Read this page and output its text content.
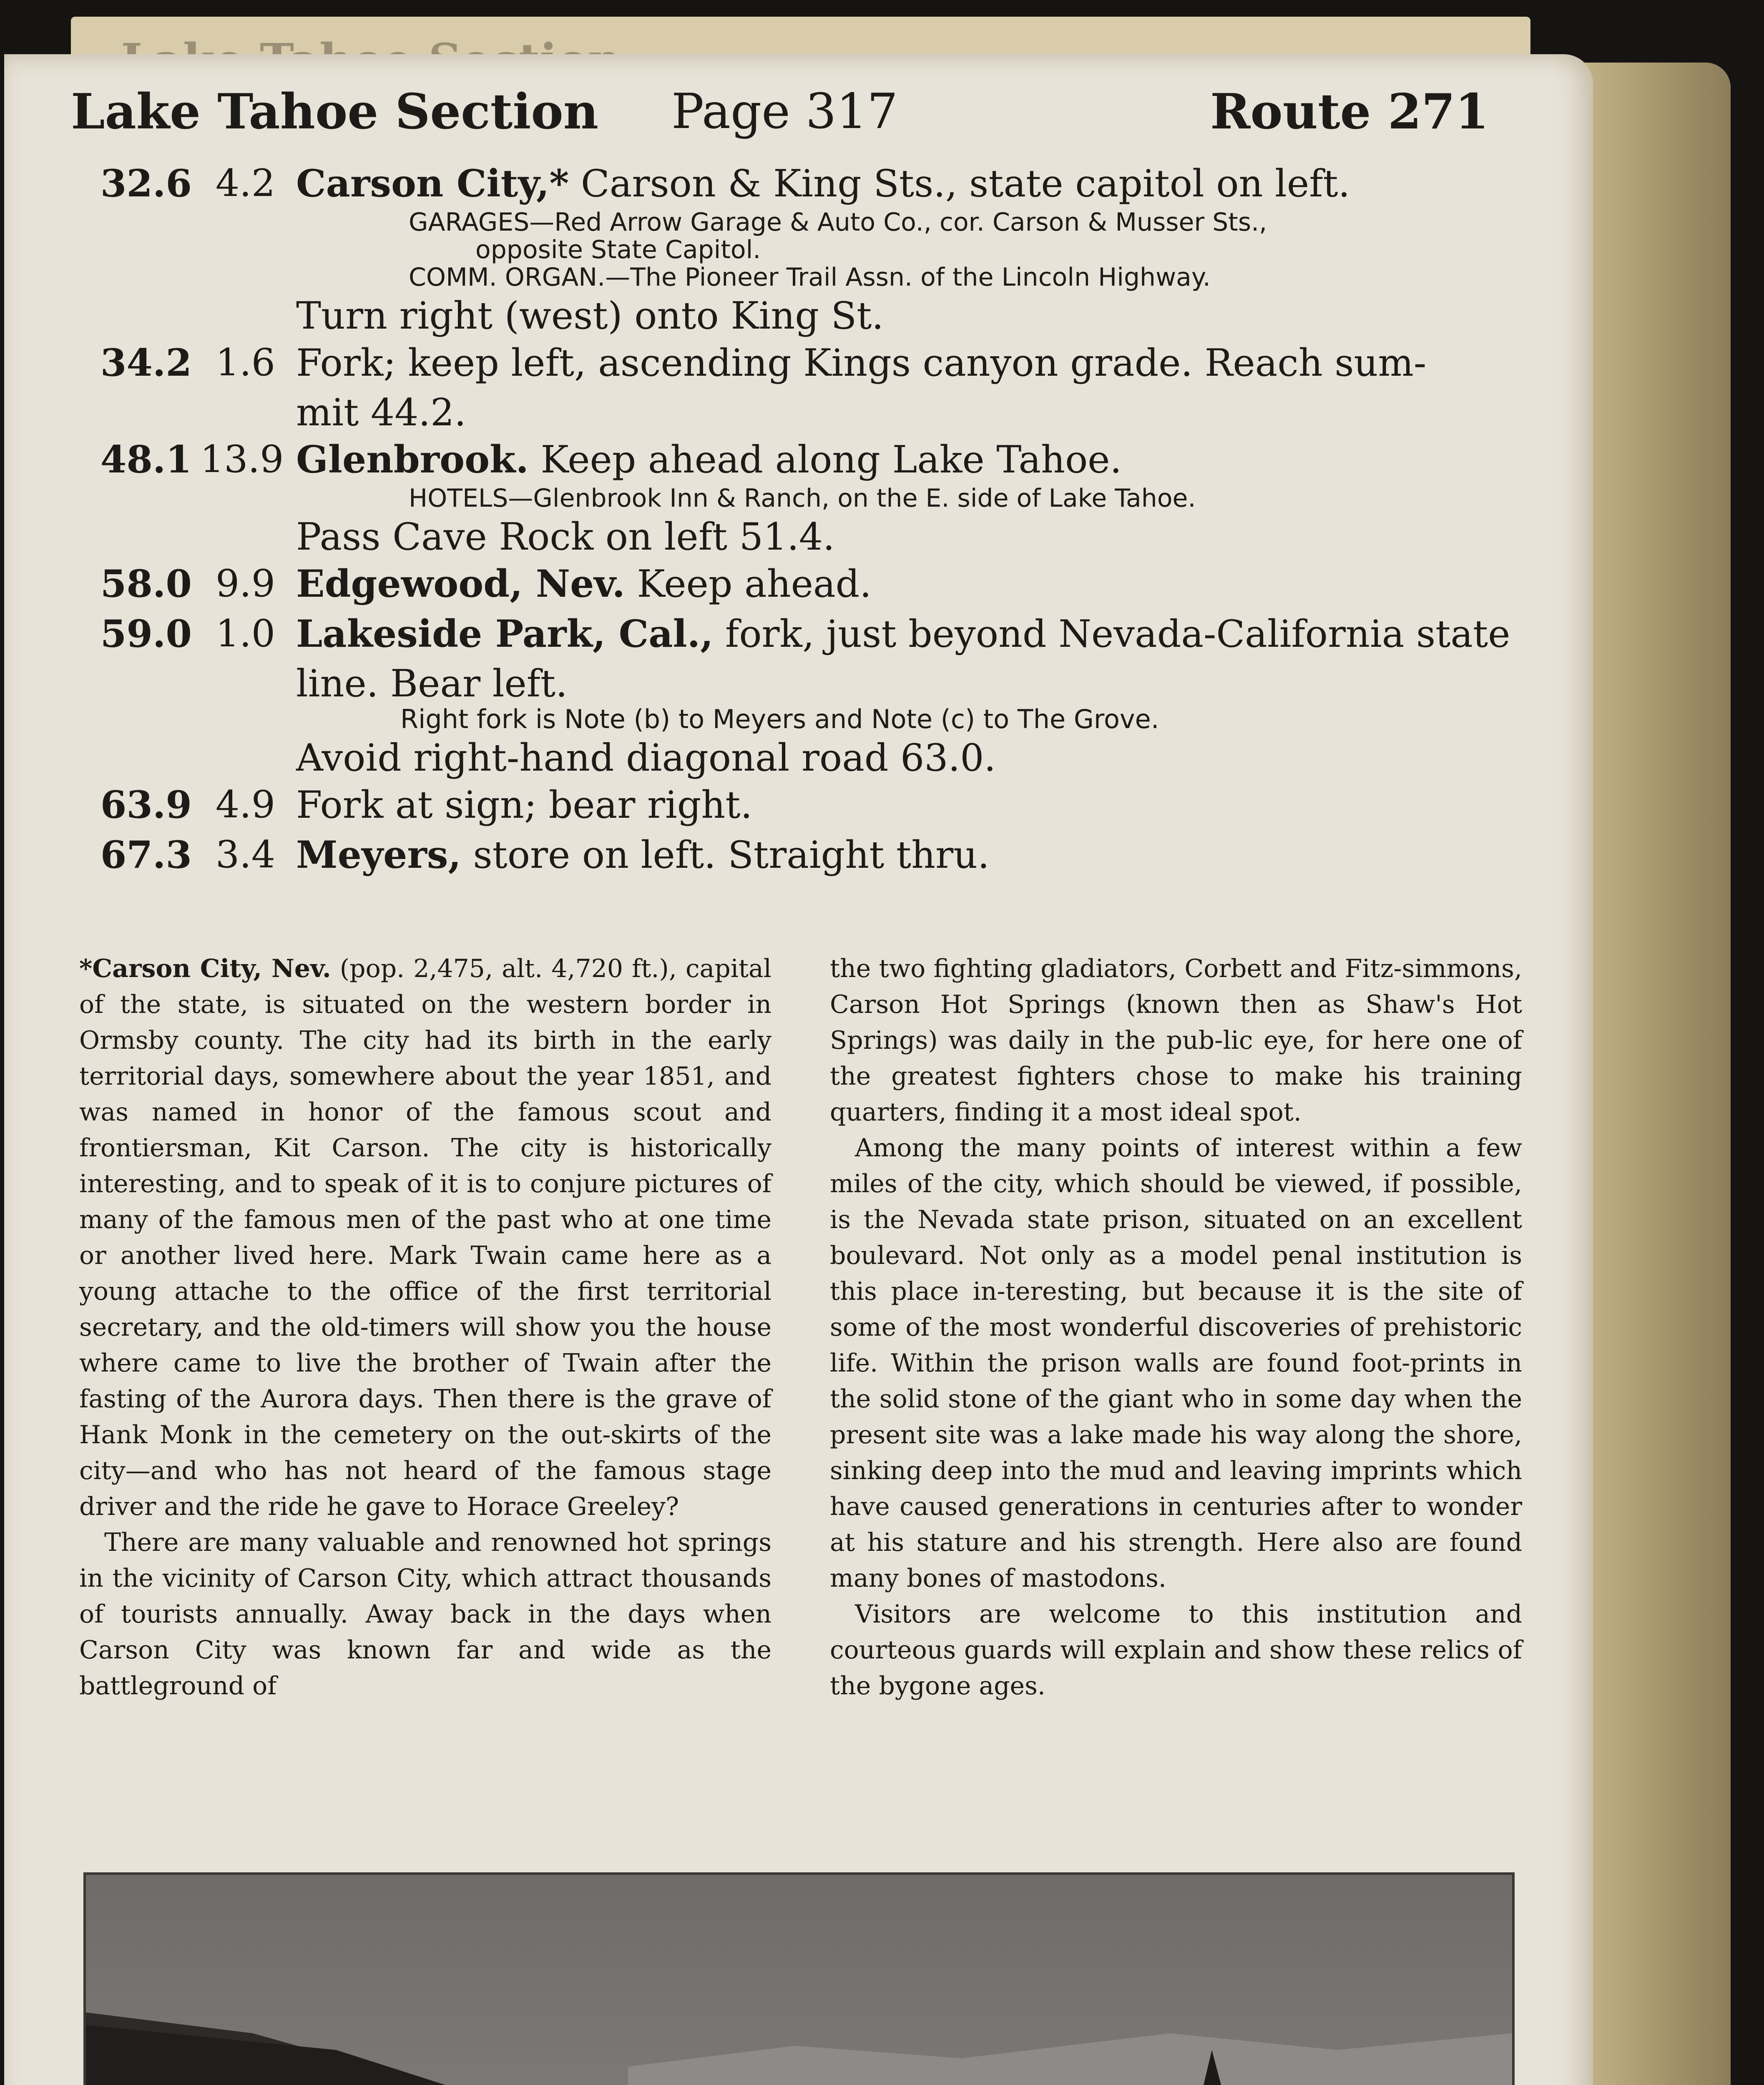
Lake Tahoe Section Page 317	Route 271
32.6 4.2 Carson City,* Carson & King Sts., state capitol on left.
GARAGES—Red Arrow Garage & Auto Co., cor. Carson & Musser Sts.,
opposite State Capitol.
COMM. ORGAN.—The Pioneer Trail Assn. of the Lincoln Highway.
Turn right (west) onto King St.
34.2 1.6 Fork; keep left, ascending Kings canyon grade. Reach sum-
mit 44.2.
48.1 13.9 Glenbrook. Keep ahead along Lake Tahoe.
HOTELS—Glenbrook Inn & Ranch, on the E. side of Lake Tahoe.
Pass Cave Rock on left 51.4.
58.0 9.9 Edgewood, Nev. Keep ahead.
59.0 1.0 Lakeside Park, Cal., fork, just beyond Nevada-California state
line. Bear left.
Right fork is Note (b) to Meyers and Note (c) to The Grove.
Avoid right-hand diagonal road 63.0.
63.9 4.9 Fork at sign; bear right.
67.3 3.4 Meyers, store on left. Straight thru.

*Carson City, Nev. (pop. 2,475, alt. 4,720 ft.), capital of the state, is situated on the western border in Ormsby county. The city had its birth in the early territorial days, somewhere about the year 1851, and was named in honor of the famous scout and frontiersman, Kit Carson. The city is historically interesting, and to speak of it is to conjure pictures of many of the famous men of the past who at one time or another lived here. Mark Twain came here as a young attache to the office of the first territorial secretary, and the old-timers will show you the house where came to live the brother of Twain after the fasting of the Aurora days. Then there is the grave of Hank Monk in the cemetery on the out-skirts of the city—and who has not heard of the famous stage driver and the ride he gave to Horace Greeley?

There are many valuable and renowned hot springs in the vicinity of Carson City, which attract thousands of tourists annually. Away back in the days when Carson City was known far and wide as the battleground of

the two fighting gladiators, Corbett and Fitz-simmons, Carson Hot Springs (known then as Shaw's Hot Springs) was daily in the pub-lic eye, for here one of the greatest fighters chose to make his training quarters, finding it a most ideal spot.

Among the many points of interest within a few miles of the city, which should be viewed, if possible, is the Nevada state prison, situated on an excellent boulevard. Not only as a model penal institution is this place in-teresting, but because it is the site of some of the most wonderful discoveries of prehistoric life. Within the prison walls are found foot-prints in the solid stone of the giant who in some day when the present site was a lake made his way along the shore, sinking deep into the mud and leaving imprints which have caused generations in centuries after to wonder at his stature and his strength. Here also are found many bones of mastodons.

Visitors are welcome to this institution and courteous guards will explain and show these relics of the bygone ages.
